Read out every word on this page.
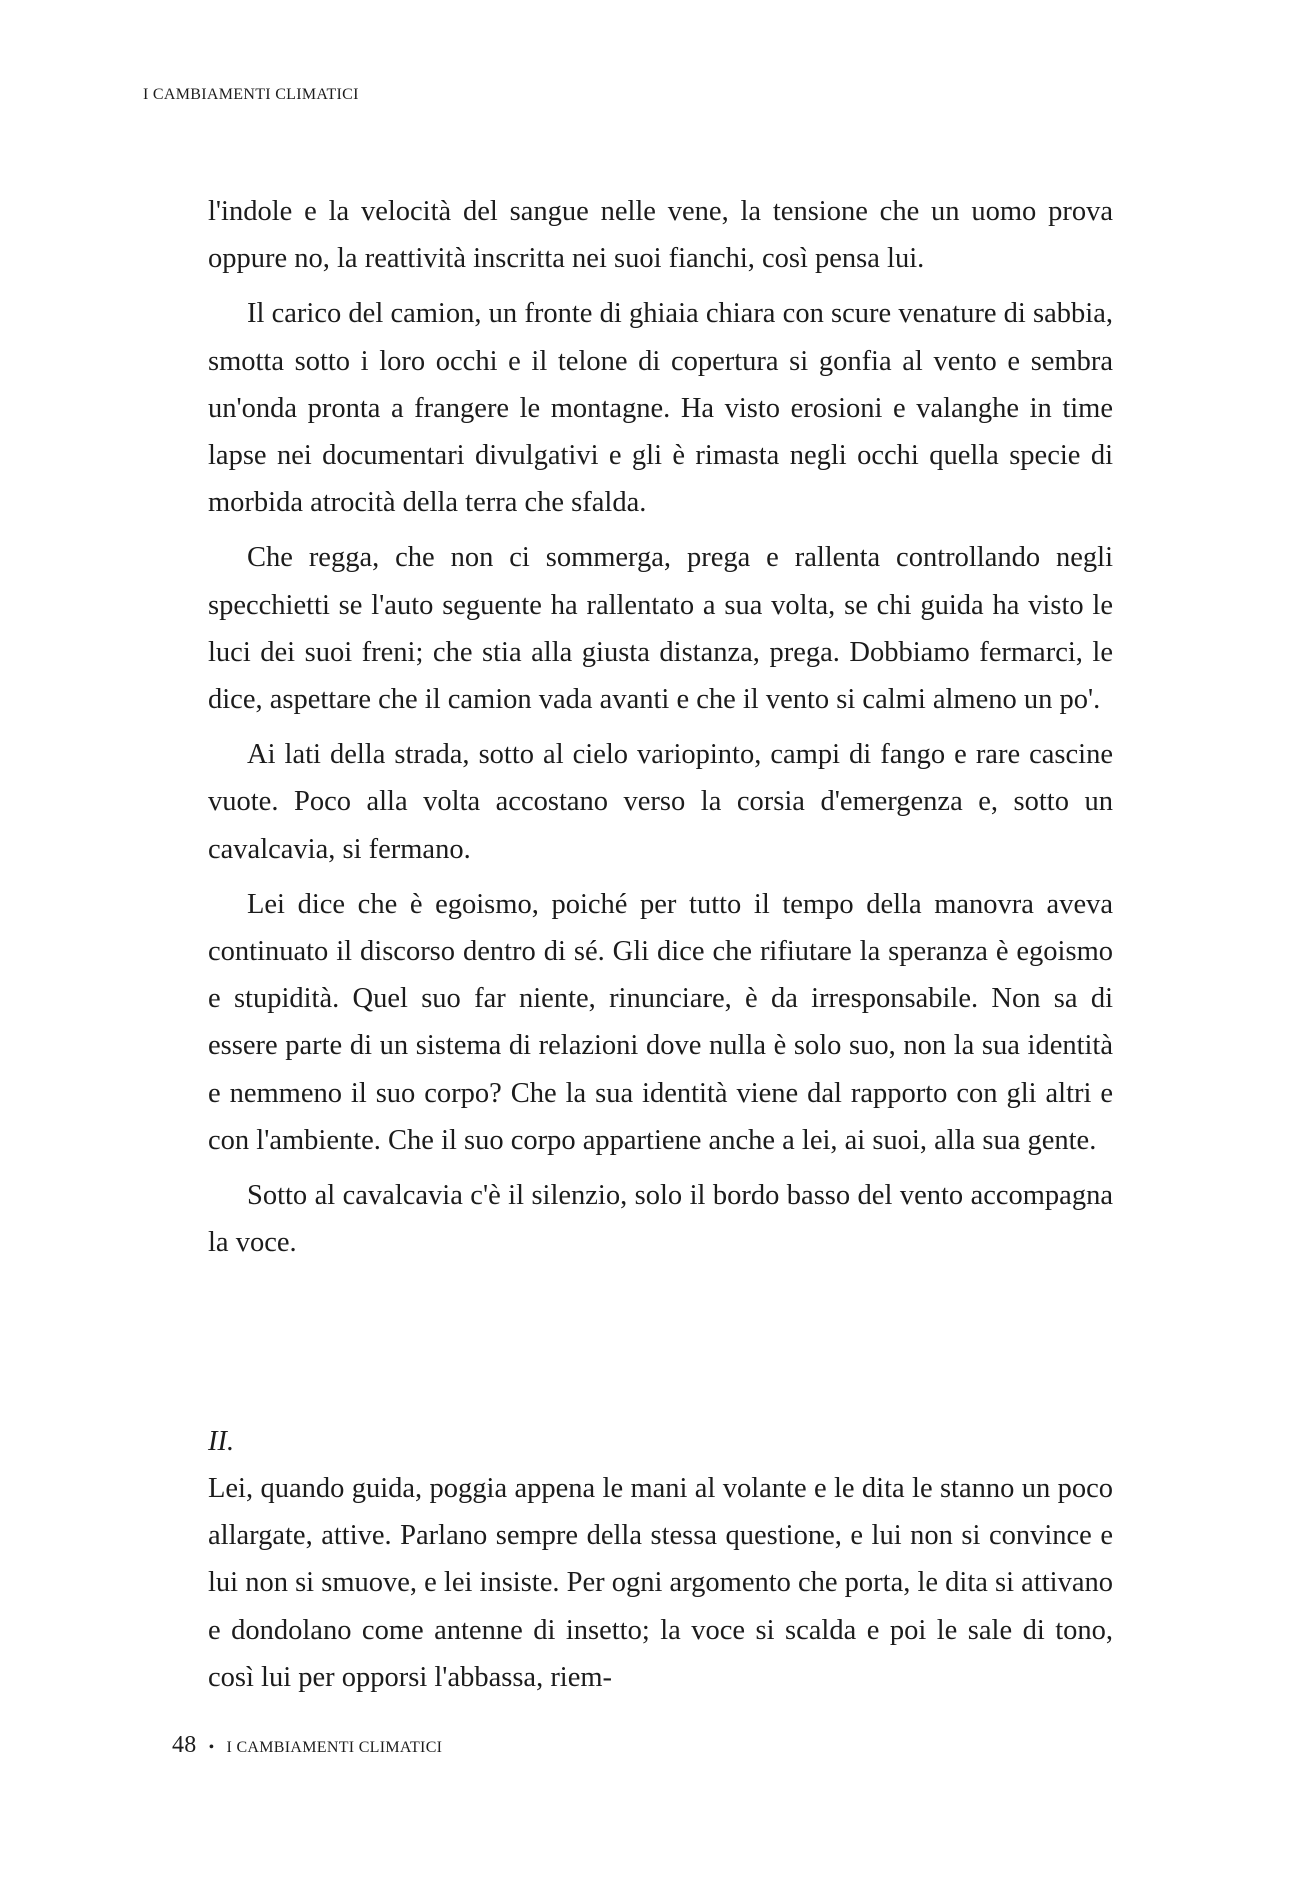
I CAMBIAMENTI CLIMATICI

l'indole e la velocità del sangue nelle vene, la tensione che un uomo prova oppure no, la reattività inscritta nei suoi fianchi, così pensa lui.

Il carico del camion, un fronte di ghiaia chiara con scure venature di sabbia, smotta sotto i loro occhi e il telone di copertura si gonfia al vento e sembra un'onda pronta a frangere le montagne. Ha visto erosioni e valanghe in time lapse nei documentari divulgativi e gli è rimasta negli occhi quella specie di morbida atrocità della terra che sfalda.

Che regga, che non ci sommerga, prega e rallenta controllando negli specchietti se l'auto seguente ha rallentato a sua volta, se chi guida ha visto le luci dei suoi freni; che stia alla giusta distanza, prega. Dobbiamo fermarci, le dice, aspettare che il camion vada avanti e che il vento si calmi almeno un po'.

Ai lati della strada, sotto al cielo variopinto, campi di fango e rare cascine vuote. Poco alla volta accostano verso la corsia d'emergenza e, sotto un cavalcavia, si fermano.

Lei dice che è egoismo, poiché per tutto il tempo della manovra aveva continuato il discorso dentro di sé. Gli dice che rifiutare la speranza è egoismo e stupidità. Quel suo far niente, rinunciare, è da irresponsabile. Non sa di essere parte di un sistema di relazioni dove nulla è solo suo, non la sua identità e nemmeno il suo corpo? Che la sua identità viene dal rapporto con gli altri e con l'ambiente. Che il suo corpo appartiene anche a lei, ai suoi, alla sua gente.

Sotto al cavalcavia c'è il silenzio, solo il bordo basso del vento accompagna la voce.

II.

Lei, quando guida, poggia appena le mani al volante e le dita le stanno un poco allargate, attive. Parlano sempre della stessa questione, e lui non si convince e lui non si smuove, e lei insiste. Per ogni argomento che porta, le dita si attivano e dondolano come antenne di insetto; la voce si scalda e poi le sale di tono, così lui per opporsi l'abbassa, riem-

48 • I CAMBIAMENTI CLIMATICI
